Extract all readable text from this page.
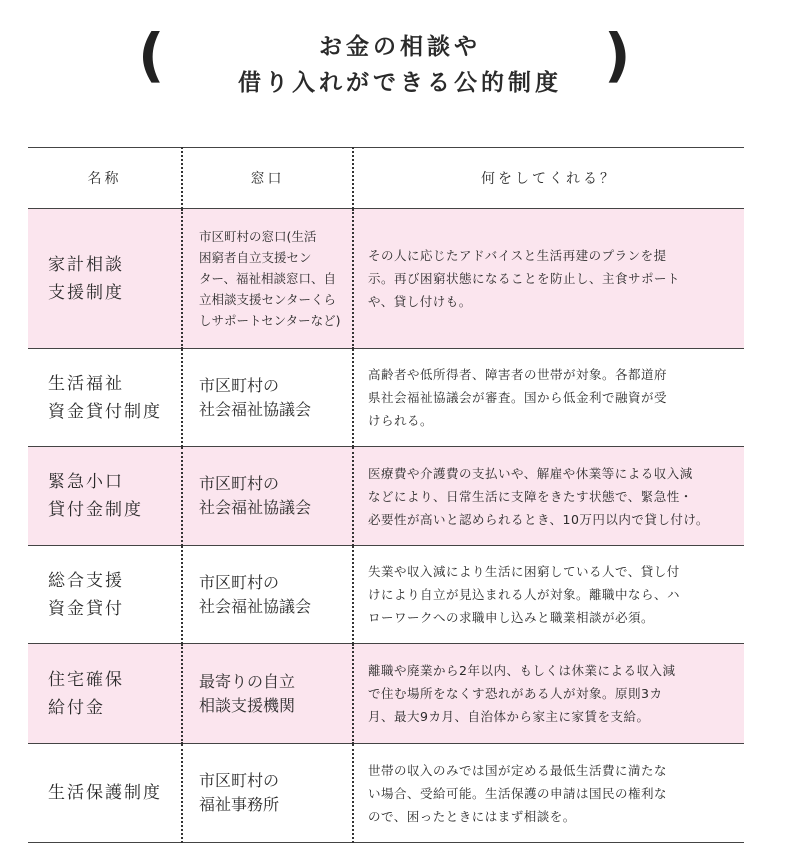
(	お金の相談や
借り入れができる公的制度 )
名称	窓口	何をしてくれる？

家計相談
支援制度	市区町村の窓口(生活
困窮者自立支援セン
ター、福祉相談窓口、自
立相談支援センターくら
しサポートセンターなど)	その人に応じたアドバイスと生活再建のプランを提
示。再び困窮状態になることを防止し、主食サポート
や、貸し付けも。

生活福祉
資金貸付制度	市区町村の
社会福祉協議会	高齢者や低所得者、障害者の世帯が対象。各都道府
県社会福祉協議会が審査。国から低金利で融資が受
けられる。

緊急小口
貸付金制度	市区町村の
社会福祉協議会	医療費や介護費の支払いや、解雇や休業等による収入減
などにより、日常生活に支障をきたす状態で、緊急性・
必要性が高いと認められるとき、10万円以内で貸し付け。

総合支援
資金貸付	市区町村の
社会福祉協議会	失業や収入減により生活に困窮している人で、貸し付
けにより自立が見込まれる人が対象。離職中なら、ハ
ローワークへの求職申し込みと職業相談が必須。

住宅確保
給付金	最寄りの自立
相談支援機関	離職や廃業から2年以内、もしくは休業による収入減
で住む場所をなくす恐れがある人が対象。原則3カ
月、最大9カ月、自治体から家主に家賃を支給。

生活保護制度	市区町村の
福祉事務所	世帯の収入のみでは国が定める最低生活費に満たな
い場合、受給可能。生活保護の申請は国民の権利な
ので、困ったときにはまず相談を。
